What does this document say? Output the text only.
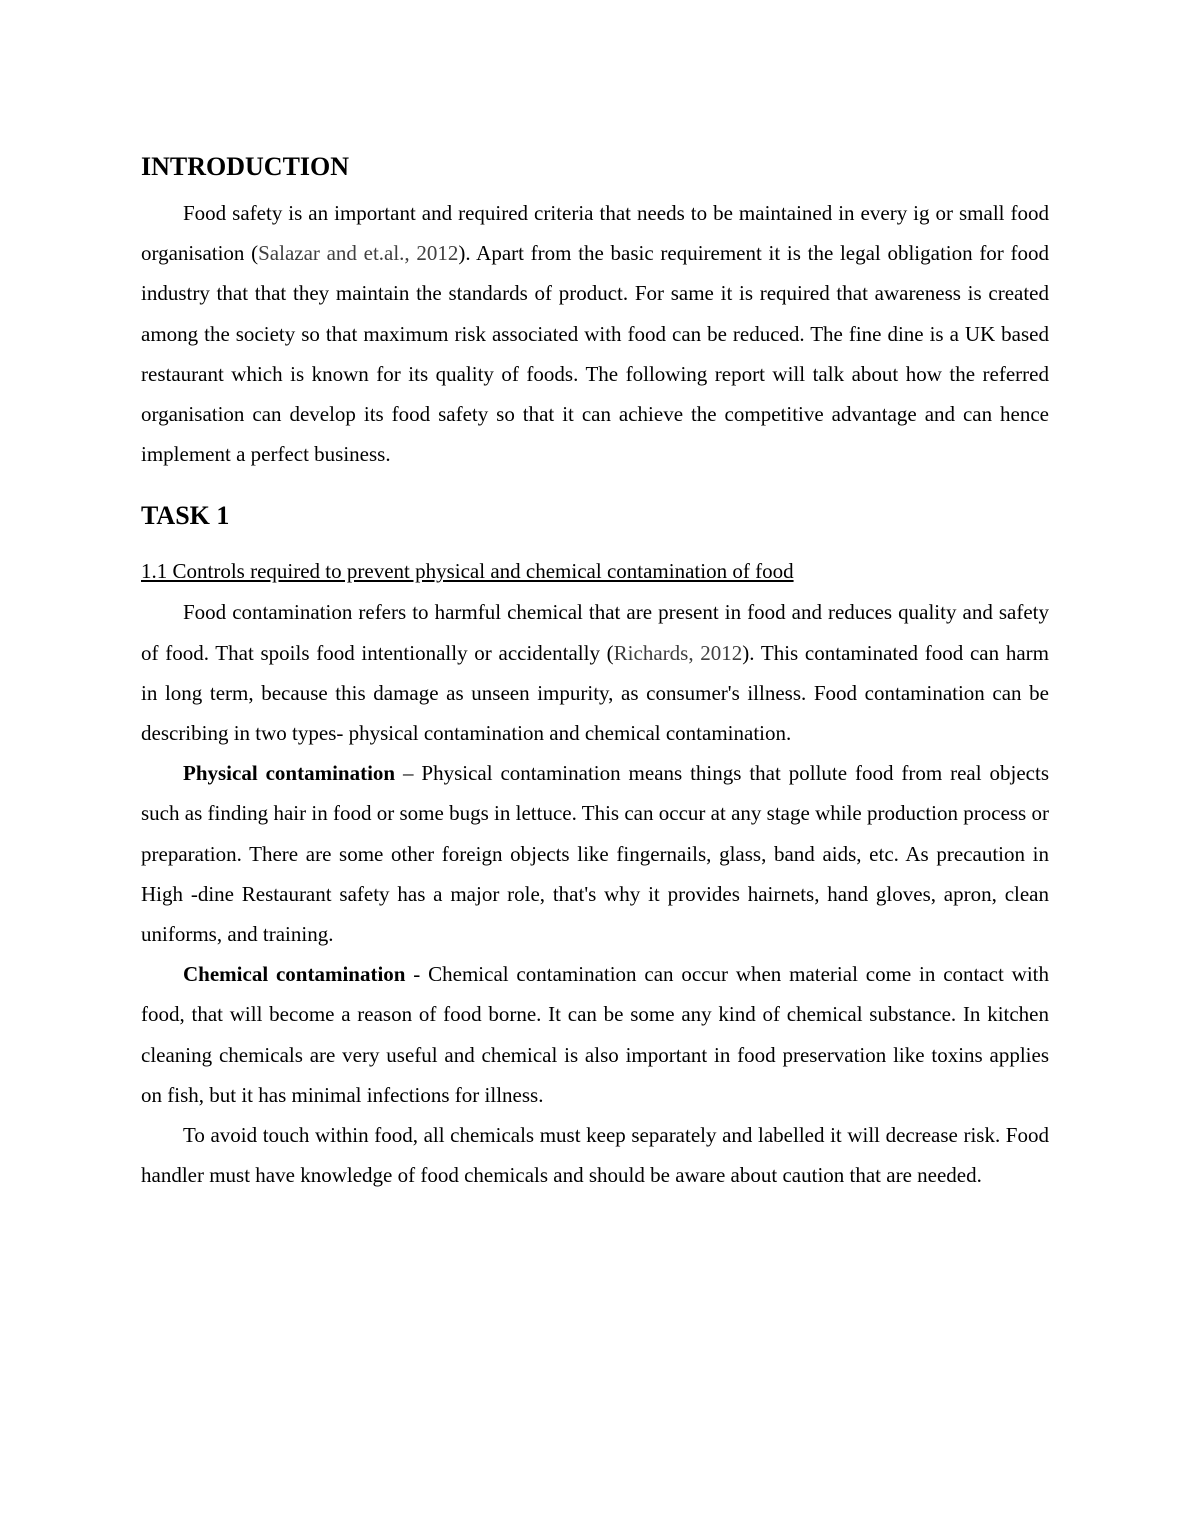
INTRODUCTION

Food safety is an important and required criteria that needs to be maintained in every ig or small food organisation (Salazar and et.al., 2012). Apart from the basic requirement it is the legal obligation for food industry that that they maintain the standards of product. For same it is required that awareness is created among the society so that maximum risk associated with food can be reduced. The fine dine is a UK based restaurant which is known for its quality of foods. The following report will talk about how the referred organisation can develop its food safety so that it can achieve the competitive advantage and can hence implement a perfect business.

TASK 1
1.1 Controls required to prevent physical and chemical contamination of food

Food contamination refers to harmful chemical that are present in food and reduces quality and safety of food. That spoils food intentionally or accidentally (Richards, 2012). This contaminated food can harm in long term, because this damage as unseen impurity, as consumer's illness. Food contamination can be describing in two types- physical contamination and chemical contamination.

Physical contamination – Physical contamination means things that pollute food from real objects such as finding hair in food or some bugs in lettuce. This can occur at any stage while production process or preparation. There are some other foreign objects like fingernails, glass, band aids, etc. As precaution in High -dine Restaurant safety has a major role, that's why it provides hairnets, hand gloves, apron, clean uniforms, and training.

Chemical contamination - Chemical contamination can occur when material come in contact with food, that will become a reason of food borne. It can be some any kind of chemical substance. In kitchen cleaning chemicals are very useful and chemical is also important in food preservation like toxins applies on fish, but it has minimal infections for illness.

To avoid touch within food, all chemicals must keep separately and labelled it will decrease risk. Food handler must have knowledge of food chemicals and should be aware about caution that are needed.
